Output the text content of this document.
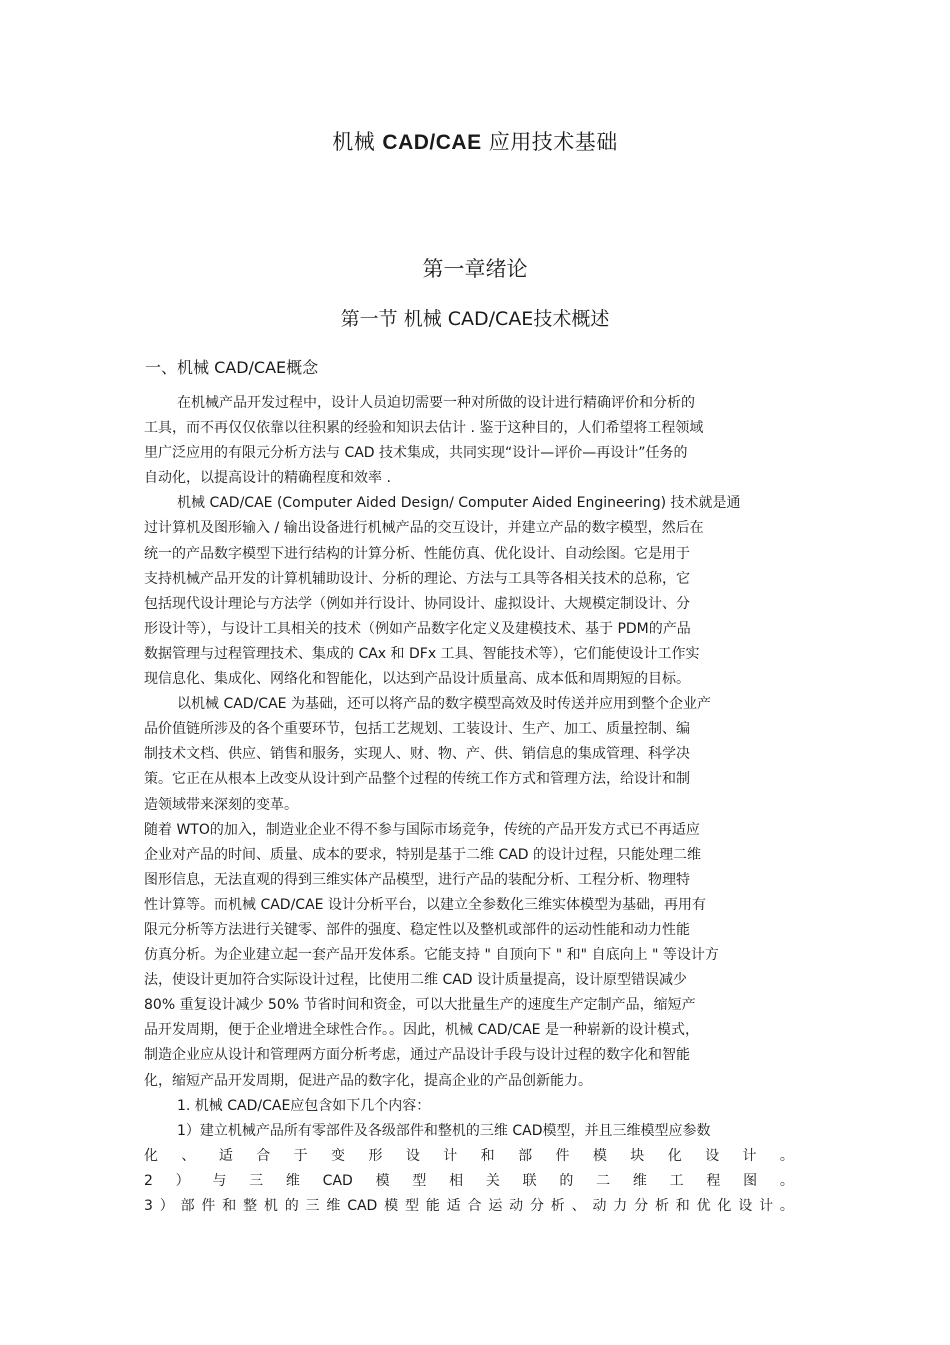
机械 CAD/CAE 应用技术基础
第一章绪论
第一节 机械 CAD/CAE技术概述
一、机械 CAD/CAE概念
在机械产品开发过程中，设计人员迫切需要一种对所做的设计进行精确评价和分析的
工具，而不再仅仅依靠以往积累的经验和知识去估计 . 鉴于这种目的，人们希望将工程领域
里广泛应用的有限元分析方法与 CAD 技术集成，共同实现“设计—评价—再设计”任务的
自动化，以提高设计的精确程度和效率 .
机械 CAD/CAE (Computer Aided Design/ Computer Aided Engineering) 技术就是通
过计算机及图形输入 / 输出设备进行机械产品的交互设计，并建立产品的数字模型，然后在
统一的产品数字模型下进行结构的计算分析、性能仿真、优化设计、自动绘图。它是用于
支持机械产品开发的计算机辅助设计、分析的理论、方法与工具等各相关技术的总称，它
包括现代设计理论与方法学（例如并行设计、协同设计、虚拟设计、大规模定制设计、分
形设计等），与设计工具相关的技术（例如产品数字化定义及建模技术、基于 PDM的产品
数据管理与过程管理技术、集成的 CAx 和 DFx 工具、智能技术等），它们能使设计工作实
现信息化、集成化、网络化和智能化，以达到产品设计质量高、成本低和周期短的目标。
以机械 CAD/CAE 为基础，还可以将产品的数字模型高效及时传送并应用到整个企业产
品价值链所涉及的各个重要环节，包括工艺规划、工装设计、生产、加工、质量控制、编
制技术文档、供应、销售和服务，实现人、财、物、产、供、销信息的集成管理、科学决
策。它正在从根本上改变从设计到产品整个过程的传统工作方式和管理方法，给设计和制
造领域带来深刻的变革。
随着 WTO的加入，制造业企业不得不参与国际市场竞争，传统的产品开发方式已不再适应
企业对产品的时间、质量、成本的要求，特别是基于二维 CAD 的设计过程，只能处理二维
图形信息，无法直观的得到三维实体产品模型，进行产品的装配分析、工程分析、物理特
性计算等。而机械 CAD/CAE 设计分析平台，以建立全参数化三维实体模型为基础，再用有
限元分析等方法进行关键零、部件的强度、稳定性以及整机或部件的运动性能和动力性能
仿真分析。为企业建立起一套产品开发体系。它能支持 " 自顶向下 " 和" 自底向上 " 等设计方
法，使设计更加符合实际设计过程，比使用二维 CAD 设计质量提高，设计原型错误减少
80% 重复设计减少 50% 节省时间和资金，可以大批量生产的速度生产定制产品，缩短产
品开发周期，便于企业增进全球性合作。。因此，机械 CAD/CAE 是一种崭新的设计模式，
制造企业应从设计和管理两方面分析考虑，通过产品设计手段与设计过程的数字化和智能
化，缩短产品开发周期，促进产品的数字化，提高企业的产品创新能力。
1. 机械 CAD/CAE应包含如下几个内容：
1）建立机械产品所有零部件及各级部件和整机的三维 CAD模型，并且三维模型应参数
化 、 适 合 于 变 形 设 计 和 部 件 模 块 化 设 计 。
2 ） 与 三 维 CAD 模 型 相 关 联 的 二 维 工 程 图 。
3 ） 部 件 和 整 机 的 三 维 CAD 模 型 能 适 合 运 动 分 析 、 动 力 分 析 和 优 化 设 计 。
